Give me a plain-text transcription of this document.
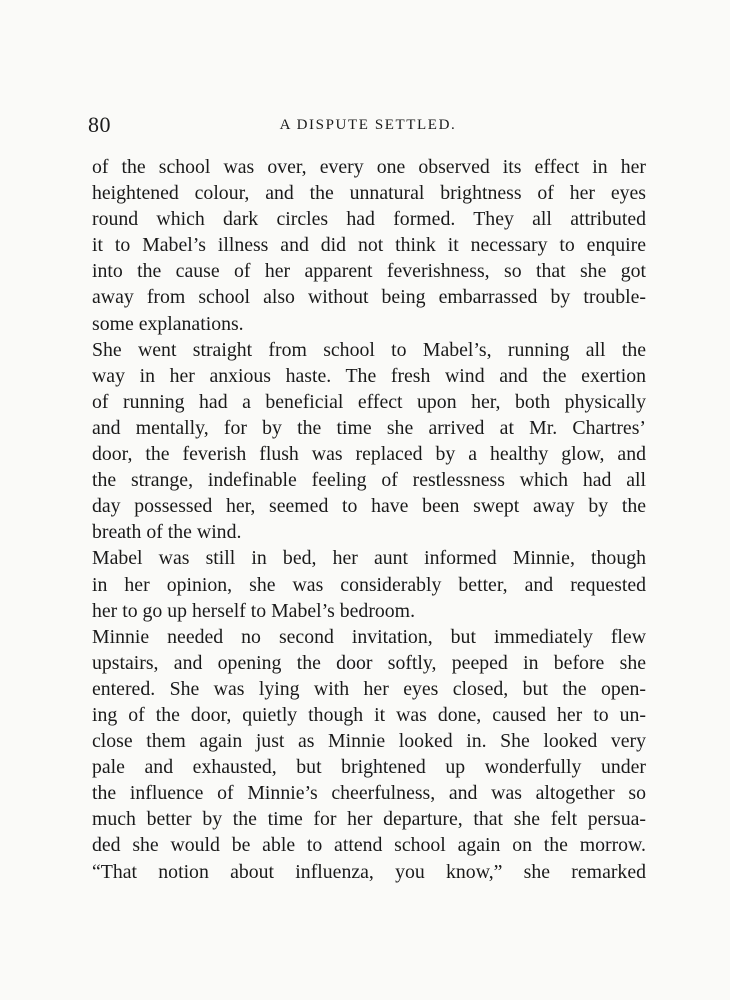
80	A DISPUTE SETTLED.

of the school was over, every one observed its effect in her
heightened colour, and the unnatural brightness of her eyes
round which dark circles had formed. They all attributed
it to Mabel’s illness and did not think it necessary to enquire
into the cause of her apparent feverishness, so that she got
away from school also without being embarrassed by trouble-
some explanations.

She went straight from school to Mabel’s, running all the
way in her anxious haste. The fresh wind and the exertion
of running had a beneficial effect upon her, both physically
and mentally, for by the time she arrived at Mr. Chartres’
door, the feverish flush was replaced by a healthy glow, and
the strange, indefinable feeling of restlessness which had all
day possessed her, seemed to have been swept away by the
breath of the wind.

Mabel was still in bed, her aunt informed Minnie, though
in her opinion, she was considerably better, and requested
her to go up herself to Mabel’s bedroom.

Minnie needed no second invitation, but immediately flew
upstairs, and opening the door softly, peeped in before she
entered. She was lying with her eyes closed, but the open-
ing of the door, quietly though it was done, caused her to un-
close them again just as Minnie looked in. She looked very
pale and exhausted, but brightened up wonderfully under
the influence of Minnie’s cheerfulness, and was altogether so
much better by the time for her departure, that she felt persua-
ded she would be able to attend school again on the morrow.

“That notion about influenza, you know,” she remarked
